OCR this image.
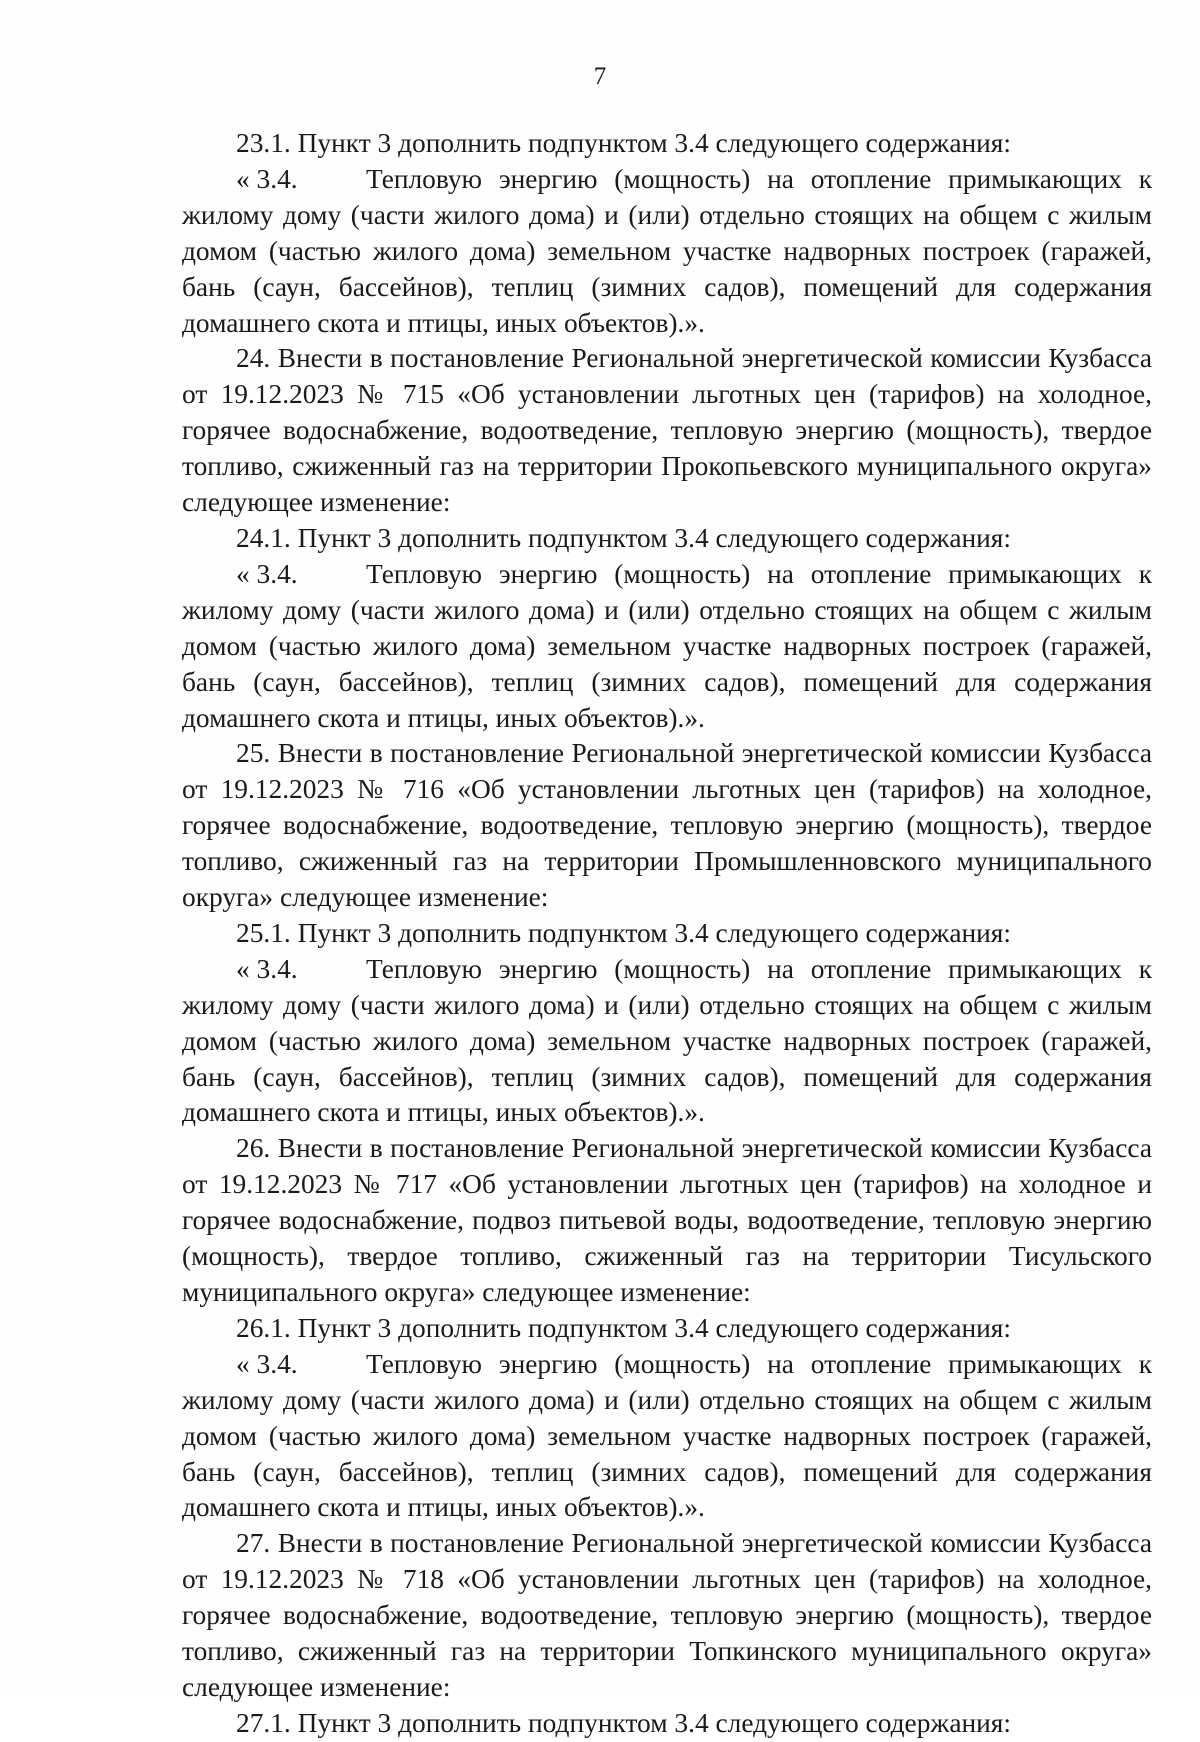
7

23.1. Пункт 3 дополнить подпунктом 3.4 следующего содержания:

« 3.4. Тепловую энергию (мощность) на отопление примыкающих к жилому дому (части жилого дома) и (или) отдельно стоящих на общем с жилым домом (частью жилого дома) земельном участке надворных построек (гаражей, бань (саун, бассейнов), теплиц (зимних садов), помещений для содержания домашнего скота и птицы, иных объектов).».

24. Внести в постановление Региональной энергетической комиссии Кузбасса от 19.12.2023 № 715 «Об установлении льготных цен (тарифов) на холодное, горячее водоснабжение, водоотведение, тепловую энергию (мощность), твердое топливо, сжиженный газ на территории Прокопьевского муниципального округа» следующее изменение:

24.1. Пункт 3 дополнить подпунктом 3.4 следующего содержания:

« 3.4. Тепловую энергию (мощность) на отопление примыкающих к жилому дому (части жилого дома) и (или) отдельно стоящих на общем с жилым домом (частью жилого дома) земельном участке надворных построек (гаражей, бань (саун, бассейнов), теплиц (зимних садов), помещений для содержания домашнего скота и птицы, иных объектов).».

25. Внести в постановление Региональной энергетической комиссии Кузбасса от 19.12.2023 № 716 «Об установлении льготных цен (тарифов) на холодное, горячее водоснабжение, водоотведение, тепловую энергию (мощность), твердое топливо, сжиженный газ на территории Промышленновского муниципального округа» следующее изменение:

25.1. Пункт 3 дополнить подпунктом 3.4 следующего содержания:

« 3.4. Тепловую энергию (мощность) на отопление примыкающих к жилому дому (части жилого дома) и (или) отдельно стоящих на общем с жилым домом (частью жилого дома) земельном участке надворных построек (гаражей, бань (саун, бассейнов), теплиц (зимних садов), помещений для содержания домашнего скота и птицы, иных объектов).».

26. Внести в постановление Региональной энергетической комиссии Кузбасса от 19.12.2023 № 717 «Об установлении льготных цен (тарифов) на холодное и горячее водоснабжение, подвоз питьевой воды, водоотведение, тепловую энергию (мощность), твердое топливо, сжиженный газ на территории Тисульского муниципального округа» следующее изменение:

26.1. Пункт 3 дополнить подпунктом 3.4 следующего содержания:

« 3.4. Тепловую энергию (мощность) на отопление примыкающих к жилому дому (части жилого дома) и (или) отдельно стоящих на общем с жилым домом (частью жилого дома) земельном участке надворных построек (гаражей, бань (саун, бассейнов), теплиц (зимних садов), помещений для содержания домашнего скота и птицы, иных объектов).».

27. Внести в постановление Региональной энергетической комиссии Кузбасса от 19.12.2023 № 718 «Об установлении льготных цен (тарифов) на холодное, горячее водоснабжение, водоотведение, тепловую энергию (мощность), твердое топливо, сжиженный газ на территории Топкинского муниципального округа» следующее изменение:

27.1. Пункт 3 дополнить подпунктом 3.4 следующего содержания:
